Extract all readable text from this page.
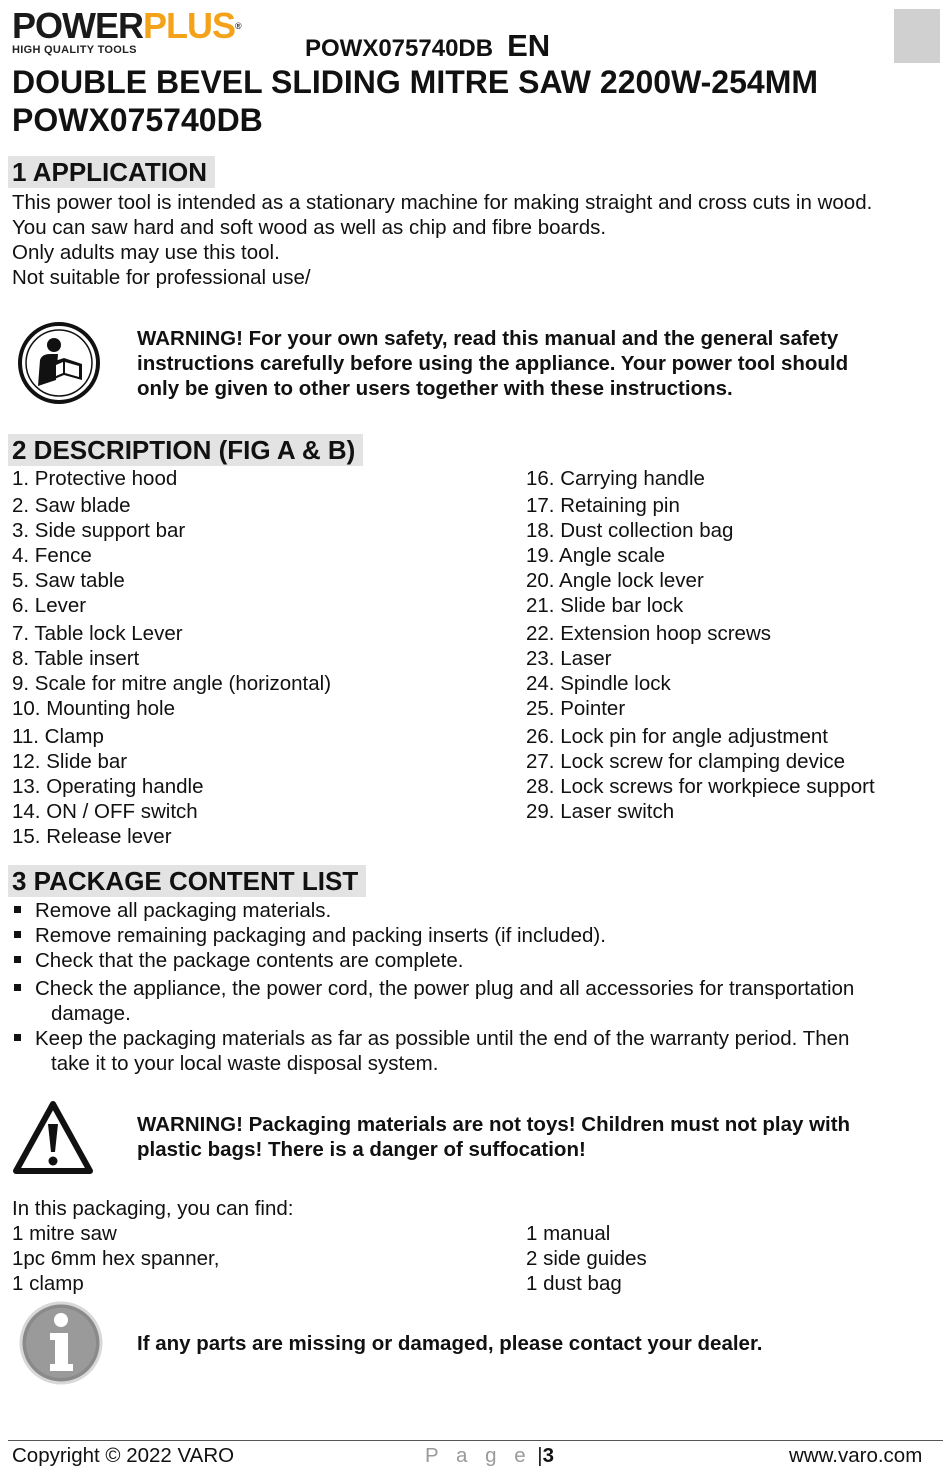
POWERPLUS®
HIGH QUALITY TOOLS	POWX075740DB EN
DOUBLE BEVEL SLIDING MITRE SAW 2200W-254MM
POWX075740DB
1 APPLICATION
This power tool is intended as a stationary machine for making straight and cross cuts in wood.
You can saw hard and soft wood as well as chip and fibre boards.
Only adults may use this tool.
Not suitable for professional use/
WARNING! For your own safety, read this manual and the general safety
instructions carefully before using the appliance. Your power tool should
only be given to other users together with these instructions.
2 DESCRIPTION (FIG A & B)
1. Protective hood
2. Saw blade
3. Side support bar
4. Fence
5. Saw table
6. Lever
7. Table lock Lever
8. Table insert
9. Scale for mitre angle (horizontal)
10. Mounting hole
11. Clamp
12. Slide bar
13. Operating handle
14. ON / OFF switch
15. Release lever
16. Carrying handle
17. Retaining pin
18. Dust collection bag
19. Angle scale
20. Angle lock lever
21. Slide bar lock
22. Extension hoop screws
23. Laser
24. Spindle lock
25. Pointer
26. Lock pin for angle adjustment
27. Lock screw for clamping device
28. Lock screws for workpiece support
29. Laser switch
3 PACKAGE CONTENT LIST
Remove all packaging materials.
Remove remaining packaging and packing inserts (if included).
Check that the package contents are complete.
Check the appliance, the power cord, the power plug and all accessories for transportation
damage.
Keep the packaging materials as far as possible until the end of the warranty period. Then
take it to your local waste disposal system.
WARNING! Packaging materials are not toys! Children must not play with
plastic bags! There is a danger of suffocation!
In this packaging, you can find:
1 mitre saw
1pc 6mm hex spanner,
1 clamp
1 manual
2 side guides
1 dust bag
If any parts are missing or damaged, please contact your dealer.
Copyright © 2022 VARO	P a g e |3	www.varo.com
